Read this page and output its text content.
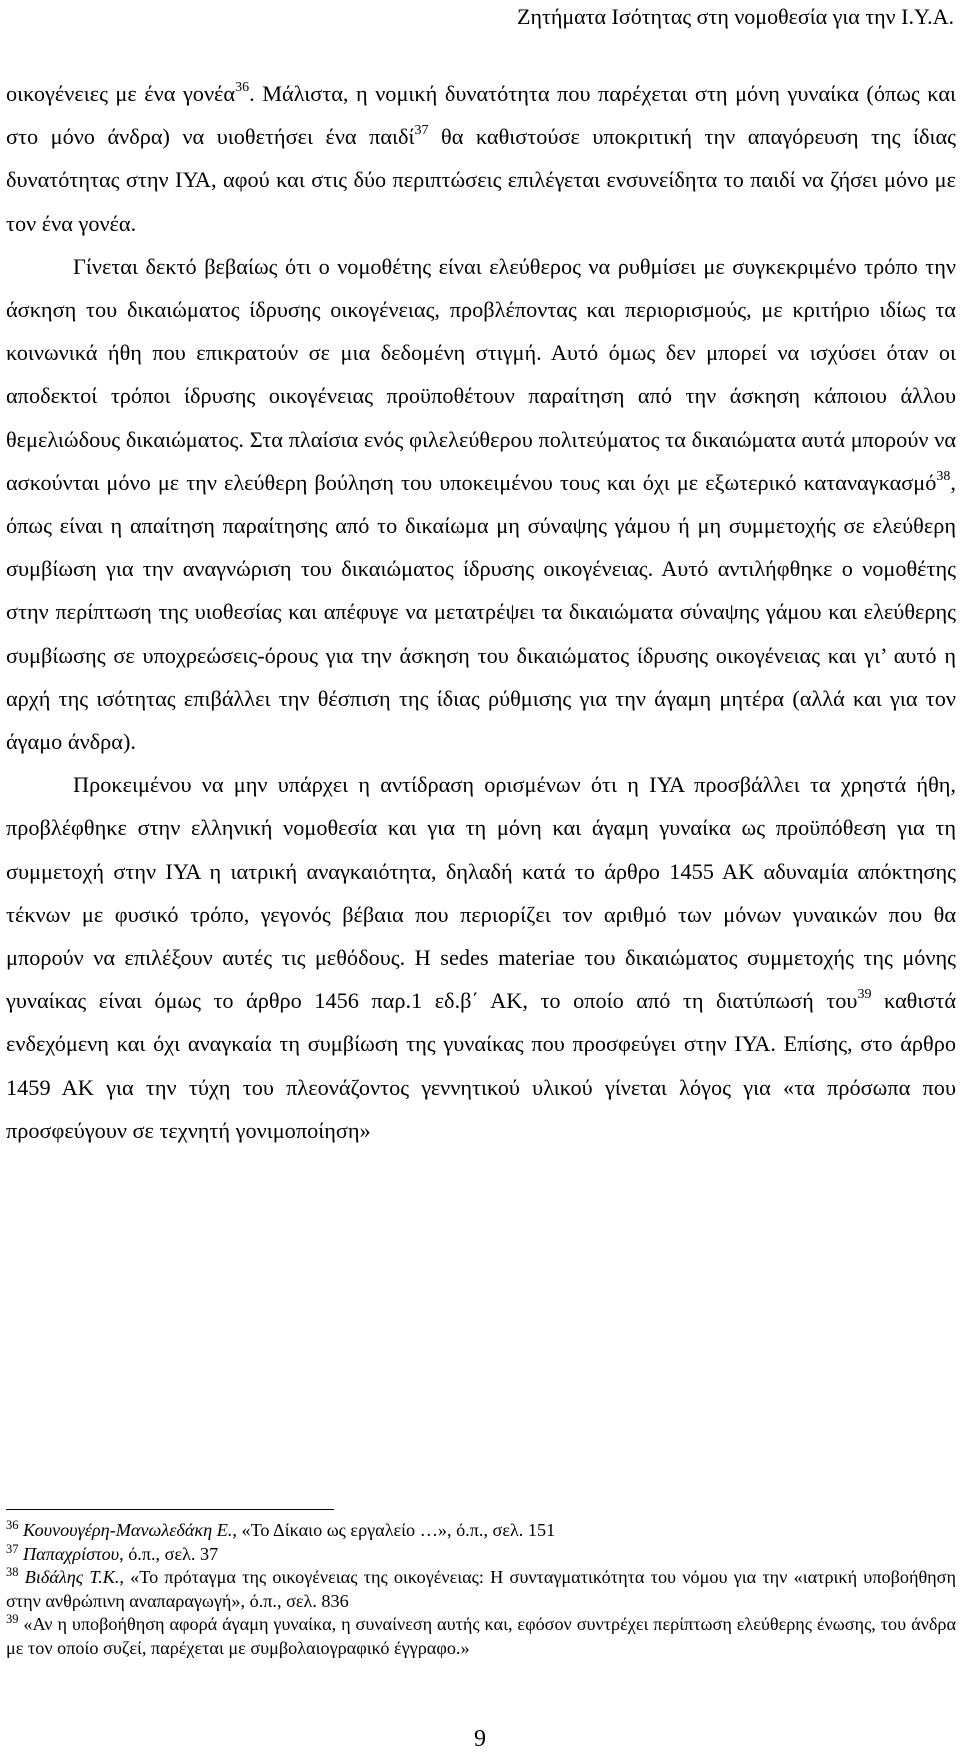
Ζητήματα Ισότητας στη νομοθεσία για την Ι.Υ.Α.

οικογένειες με ένα γονέα$^{36}$. Μάλιστα, η νομική δυνατότητα που παρέχεται στη μόνη γυναίκα (όπως και στο μόνο άνδρα) να υιοθετήσει ένα παιδί$^{37}$ θα καθιστούσε υποκριτική την απαγόρευση της ίδιας δυνατότητας στην ΙΥΑ, αφού και στις δύο περιπτώσεις επιλέγεται ενσυνείδητα το παιδί να ζήσει μόνο με τον ένα γονέα.

Γίνεται δεκτό βεβαίως ότι ο νομοθέτης είναι ελεύθερος να ρυθμίσει με συγκεκριμένο τρόπο την άσκηση του δικαιώματος ίδρυσης οικογένειας, προβλέποντας και περιορισμούς, με κριτήριο ιδίως τα κοινωνικά ήθη που επικρατούν σε μια δεδομένη στιγμή. Αυτό όμως δεν μπορεί να ισχύσει όταν οι αποδεκτοί τρόποι ίδρυσης οικογένειας προϋποθέτουν παραίτηση από την άσκηση κάποιου άλλου θεμελιώδους δικαιώματος. Στα πλαίσια ενός φιλελεύθερου πολιτεύματος τα δικαιώματα αυτά μπορούν να ασκούνται μόνο με την ελεύθερη βούληση του υποκειμένου τους και όχι με εξωτερικό καταναγκασμό$^{38}$, όπως είναι η απαίτηση παραίτησης από το δικαίωμα μη σύναψης γάμου ή μη συμμετοχής σε ελεύθερη συμβίωση για την αναγνώριση του δικαιώματος ίδρυσης οικογένειας. Αυτό αντιλήφθηκε ο νομοθέτης στην περίπτωση της υιοθεσίας και απέφυγε να μετατρέψει τα δικαιώματα σύναψης γάμου και ελεύθερης συμβίωσης σε υποχρεώσεις-όρους για την άσκηση του δικαιώματος ίδρυσης οικογένειας και γι’ αυτό η αρχή της ισότητας επιβάλλει την θέσπιση της ίδιας ρύθμισης για την άγαμη μητέρα (αλλά και για τον άγαμο άνδρα).

Προκειμένου να μην υπάρχει η αντίδραση ορισμένων ότι η ΙΥΑ προσβάλλει τα χρηστά ήθη, προβλέφθηκε στην ελληνική νομοθεσία και για τη μόνη και άγαμη γυναίκα ως προϋπόθεση για τη συμμετοχή στην ΙΥΑ η ιατρική αναγκαιότητα, δηλαδή κατά το άρθρο 1455 ΑΚ αδυναμία απόκτησης τέκνων με φυσικό τρόπο, γεγονός βέβαια που περιορίζει τον αριθμό των μόνων γυναικών που θα μπορούν να επιλέξουν αυτές τις μεθόδους. Η sedes materiae του δικαιώματος συμμετοχής της μόνης γυναίκας είναι όμως το άρθρο 1456 παρ.1 εδ.β΄ ΑΚ, το οποίο από τη διατύπωσή του$^{39}$ καθιστά ενδεχόμενη και όχι αναγκαία τη συμβίωση της γυναίκας που προσφεύγει στην ΙΥΑ. Επίσης, στο άρθρο 1459 ΑΚ για την τύχη του πλεονάζοντος γεννητικού υλικού γίνεται λόγος για «τα πρόσωπα που προσφεύγουν σε τεχνητή γονιμοποίηση»

$^{36}$ Κουνουγέρη-Μανωλεδάκη Ε., «Το Δίκαιο ως εργαλείο …», ό.π., σελ. 151

$^{37}$ Παπαχρίστου, ό.π., σελ. 37

$^{38}$ Βιδάλης Τ.Κ., «Το πρόταγμα της οικογένειας της οικογένειας: Η συνταγματικότητα του νόμου για την «ιατρική υποβοήθηση στην ανθρώπινη αναπαραγωγή», ό.π., σελ. 836

$^{39}$ «Αν η υποβοήθηση αφορά άγαμη γυναίκα, η συναίνεση αυτής και, εφόσον συντρέχει περίπτωση ελεύθερης ένωσης, του άνδρα με τον οποίο συζεί, παρέχεται με συμβολαιογραφικό έγγραφο.»

9
